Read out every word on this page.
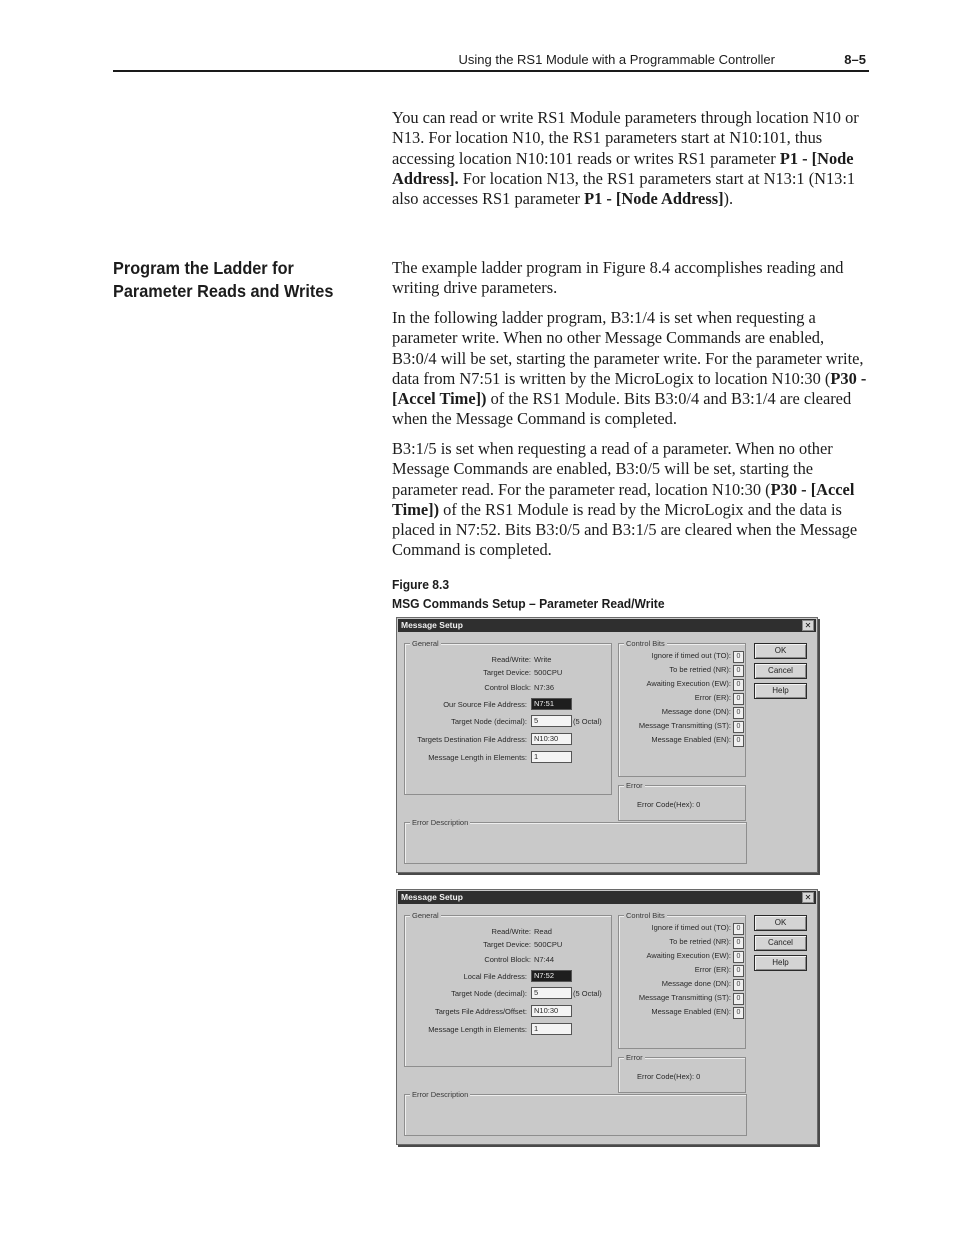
Using the RS1 Module with a Programmable Controller	8–5
You can read or write RS1 Module parameters through location N10 or N13. For location N10, the RS1 parameters start at N10:101, thus accessing location N10:101 reads or writes RS1 parameter P1 - [Node Address]. For location N13, the RS1 parameters start at N13:1 (N13:1 also accesses RS1 parameter P1 - [Node Address]).
Program the Ladder for Parameter Reads and Writes
The example ladder program in Figure 8.4 accomplishes reading and writing drive parameters.
In the following ladder program, B3:1/4 is set when requesting a parameter write. When no other Message Commands are enabled, B3:0/4 will be set, starting the parameter write. For the parameter write, data from N7:51 is written by the MicroLogix to location N10:30 (P30 - [Accel Time]) of the RS1 Module. Bits B3:0/4 and B3:1/4 are cleared when the Message Command is completed.
B3:1/5 is set when requesting a read of a parameter. When no other Message Commands are enabled, B3:0/5 will be set, starting the parameter read. For the parameter read, location N10:30 (P30 - [Accel Time]) of the RS1 Module is read by the MicroLogix and the data is placed in N7:52. Bits B3:0/5 and B3:1/5 are cleared when the Message Command is completed.
Figure 8.3
MSG Commands Setup – Parameter Read/Write
Message Setup	✕
General
Read/Write: Write
Target Device: 500CPU
Control Block: N7:36
Our Source File Address: N7:51
Target Node (decimal): 5	(5 Octal)
Targets Destination File Address: N10:30
Message Length in Elements: 1
Control Bits
Ignore if timed out (TO): 0
To be retried (NR): 0
Awaiting Execution (EW): 0
Error (ER): 0
Message done (DN): 0
Message Transmitting (ST): 0
Message Enabled (EN): 0
OK
Cancel
Help
Error
Error Code(Hex): 0
Error Description
Message Setup	✕
General
Read/Write: Read
Target Device: 500CPU
Control Block: N7:44
Local File Address: N7:52
Target Node (decimal): 5	(5 Octal)
Targets File Address/Offset: N10:30
Message Length in Elements: 1
Control Bits
Ignore if timed out (TO): 0
To be retried (NR): 0
Awaiting Execution (EW): 0
Error (ER): 0
Message done (DN): 0
Message Transmitting (ST): 0
Message Enabled (EN): 0
OK
Cancel
Help
Error
Error Code(Hex): 0
Error Description
